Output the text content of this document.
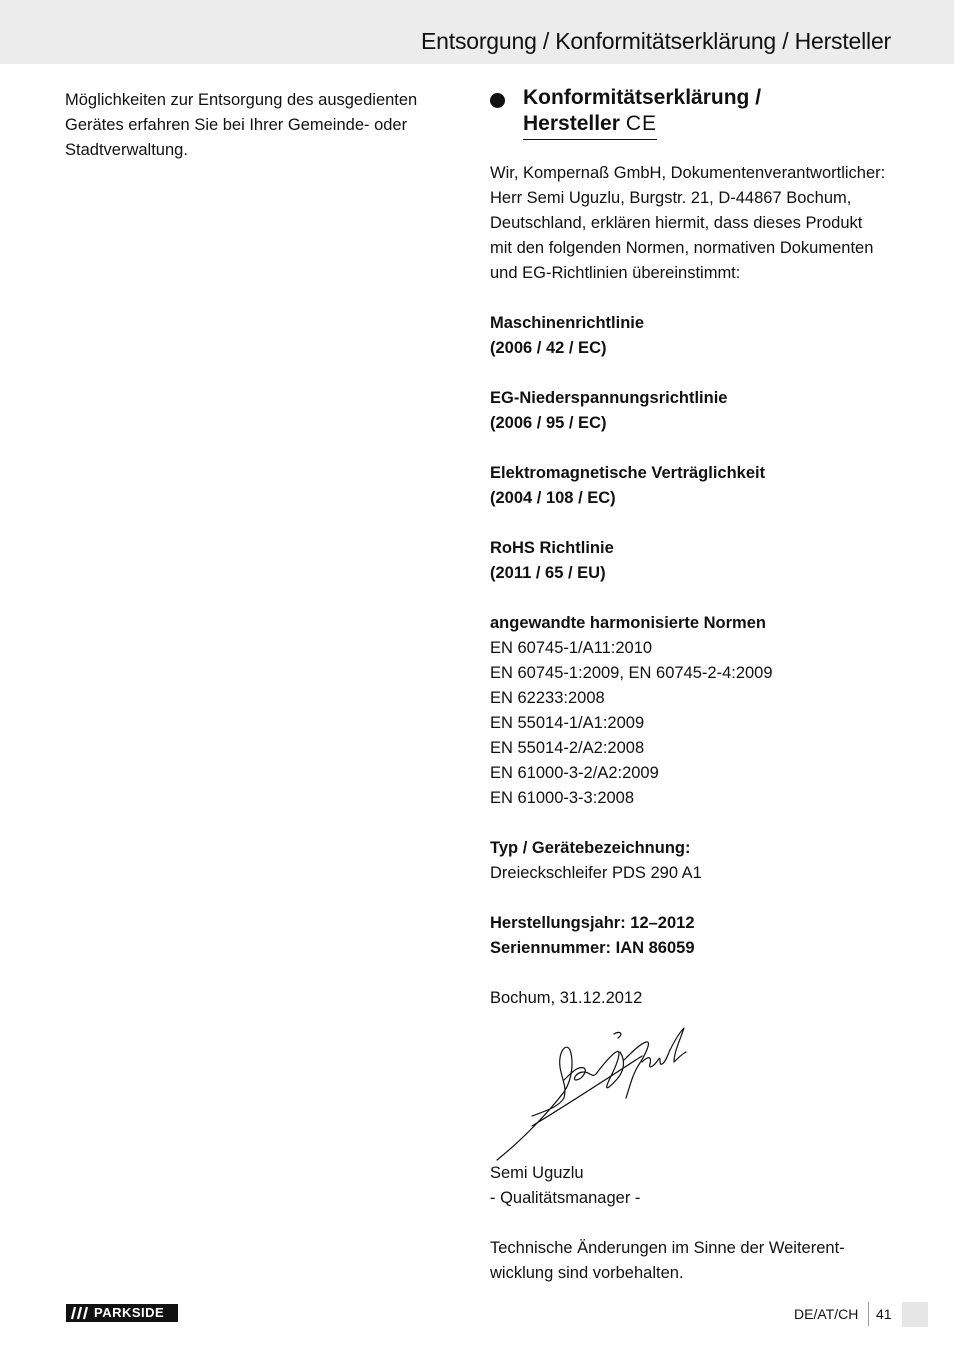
Entsorgung / Konformitätserklärung / Hersteller
Möglichkeiten zur Entsorgung des ausgedienten
Gerätes erfahren Sie bei Ihrer Gemeinde- oder
Stadtverwaltung.
Konformitätserklärung /
Hersteller CE

Wir, Kompernaß GmbH, Dokumentenverantwortlicher:
Herr Semi Uguzlu, Burgstr. 21, D-44867 Bochum,
Deutschland, erklären hiermit, dass dieses Produkt
mit den folgenden Normen, normativen Dokumenten
und EG-Richtlinien übereinstimmt:

Maschinenrichtlinie
(2006 / 42 / EC)

EG-Niederspannungsrichtlinie
(2006 / 95 / EC)

Elektromagnetische Verträglichkeit
(2004 / 108 / EC)

RoHS Richtlinie
(2011 / 65 / EU)

angewandte harmonisierte Normen
EN 60745-1/A11:2010
EN 60745-1:2009, EN 60745-2-4:2009
EN 62233:2008
EN 55014-1/A1:2009
EN 55014-2/A2:2008
EN 61000-3-2/A2:2009
EN 61000-3-3:2008

Typ / Gerätebezeichnung:
Dreieckschleifer PDS 290 A1

Herstellungsjahr: 12–2012
Seriennummer: IAN 86059

Bochum, 31.12.2012

Semi Uguzlu
- Qualitätsmanager -

Technische Änderungen im Sinne der Weiterent-
wicklung sind vorbehalten.

PARKSIDE	DE/AT/CH 41
